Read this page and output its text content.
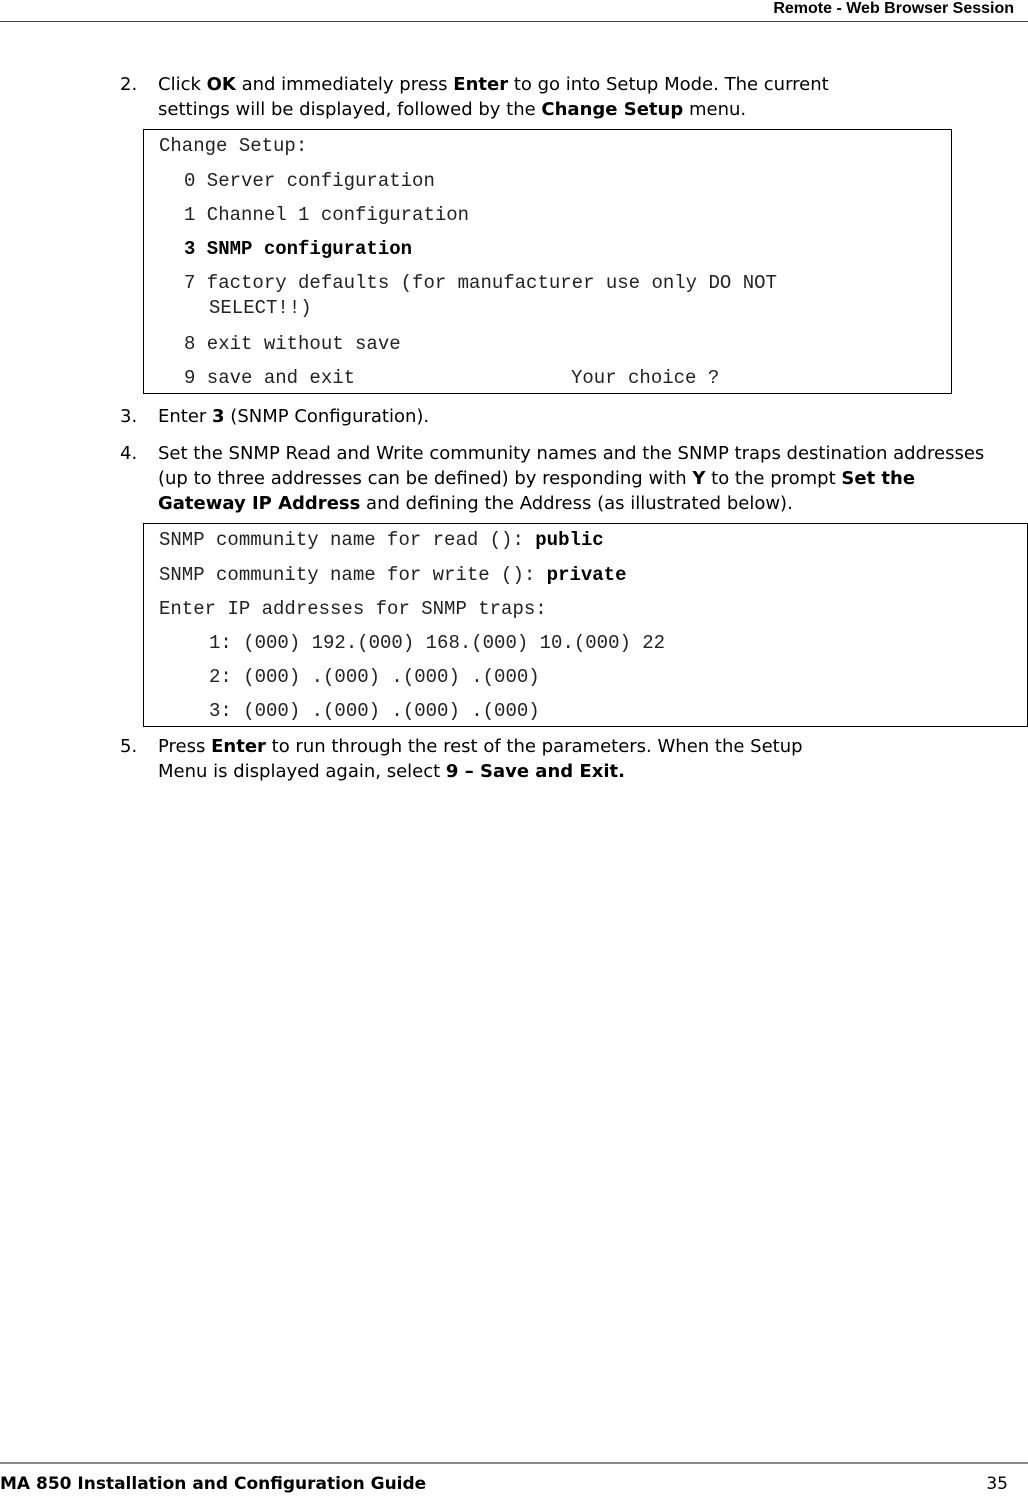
Remote - Web Browser Session
2. Click OK and immediately press Enter to go into Setup Mode. The current
settings will be displayed, followed by the Change Setup menu.
Change Setup:
0 Server configuration
1 Channel 1 configuration
3 SNMP configuration
7 factory defaults (for manufacturer use only DO NOT
SELECT!!)
8 exit without save
9 save and exit	Your choice ?
3. Enter 3 (SNMP Configuration).
4. Set the SNMP Read and Write community names and the SNMP traps destination addresses
(up to three addresses can be defined) by responding with Y to the prompt Set the
Gateway IP Address and defining the Address (as illustrated below).
SNMP community name for read (): public
SNMP community name for write (): private
Enter IP addresses for SNMP traps:
1: (000) 192.(000) 168.(000) 10.(000) 22
2: (000) .(000) .(000) .(000)
3: (000) .(000) .(000) .(000)
5. Press Enter to run through the rest of the parameters. When the Setup
Menu is displayed again, select 9 – Save and Exit.
MA 850 Installation and Configuration Guide	35
